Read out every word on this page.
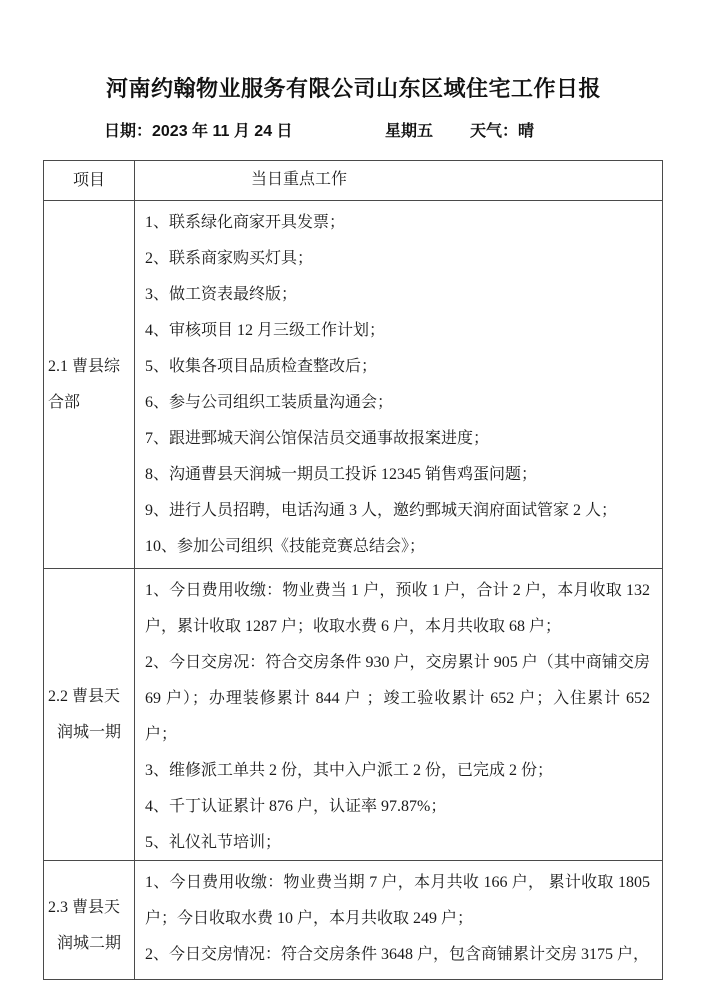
河南约翰物业服务有限公司山东区域住宅工作日报
日期：2023 年 11 月 24 日	星期五 天气：晴
项目	当日重点工作
2.1 曹县综
合部

1、联系绿化商家开具发票；

2、联系商家购买灯具；

3、做工资表最终版；

4、审核项目 12 月三级工作计划；

5、收集各项目品质检查整改后；

6、参与公司组织工装质量沟通会；

7、跟进鄄城天润公馆保洁员交通事故报案进度；

8、沟通曹县天润城一期员工投诉 12345 销售鸡蛋问题；

9、进行人员招聘，电话沟通 3 人，邀约鄄城天润府面试管家 2 人；

10、参加公司组织《技能竞赛总结会》；

2.2 曹县天
润城一期

1、今日费用收缴：物业费当 1 户，预收 1 户，合计 2 户，本月收取 132 户，累计收取 1287 户；收取水费 6 户，本月共收取 68 户；

2、今日交房况：符合交房条件 930 户，交房累计 905 户（其中商铺交房 69 户）；办理装修累计 844 户 ；竣工验收累计 652 户；入住累计 652 户；

3、维修派工单共 2 份，其中入户派工 2 份，已完成 2 份；

4、千丁认证累计 876 户，认证率 97.87%；

5、礼仪礼节培训；

2.3 曹县天
润城二期

1、今日费用收缴：物业费当期 7 户，本月共收 166 户， 累计收取 1805 户；今日收取水费 10 户，本月共收取 249 户；

2、今日交房情况：符合交房条件 3648 户，包含商铺累计交房 3175 户，
